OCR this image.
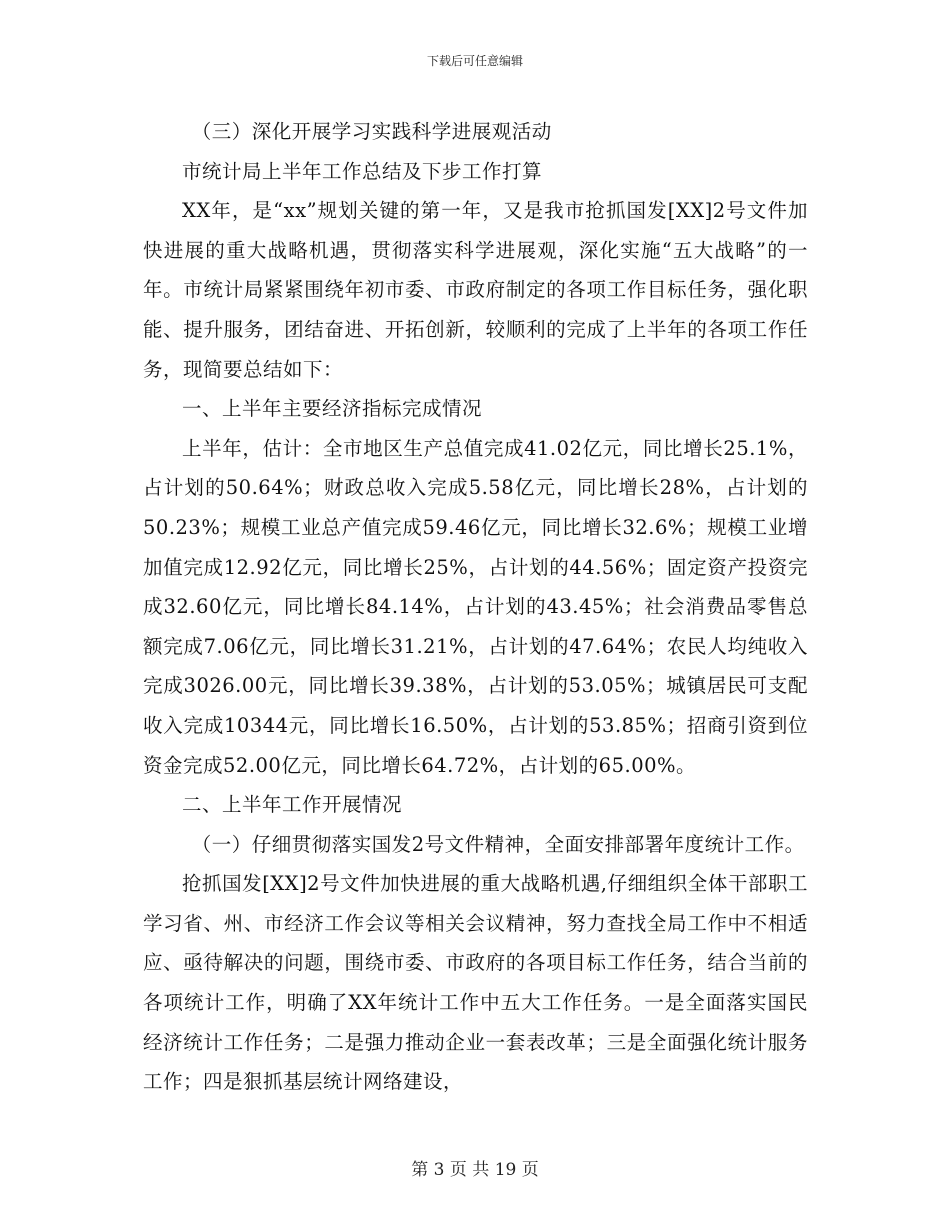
下载后可任意编辑

（三）深化开展学习实践科学进展观活动

市统计局上半年工作总结及下步工作打算

XX年，是“xx”规划关键的第一年，又是我市抢抓国发[XX]2号文件加快进展的重大战略机遇，贯彻落实科学进展观，深化实施“五大战略”的一年。市统计局紧紧围绕年初市委、市政府制定的各项工作目标任务，强化职能、提升服务，团结奋进、开拓创新，较顺利的完成了上半年的各项工作任务，现简要总结如下：

一、上半年主要经济指标完成情况

上半年，估计：全市地区生产总值完成41.02亿元，同比增长25.1%，占计划的50.64%；财政总收入完成5.58亿元，同比增长28%，占计划的50.23%；规模工业总产值完成59.46亿元，同比增长32.6%；规模工业增加值完成12.92亿元，同比增长25%，占计划的44.56%；固定资产投资完成32.60亿元，同比增长84.14%，占计划的43.45%；社会消费品零售总额完成7.06亿元，同比增长31.21%，占计划的47.64%；农民人均纯收入完成3026.00元，同比增长39.38%，占计划的53.05%；城镇居民可支配收入完成10344元，同比增长16.50%，占计划的53.85%；招商引资到位资金完成52.00亿元，同比增长64.72%，占计划的65.00%。

二、上半年工作开展情况

（一）仔细贯彻落实国发2号文件精神，全面安排部署年度统计工作。

抢抓国发[XX]2号文件加快进展的重大战略机遇,仔细组织全体干部职工学习省、州、市经济工作会议等相关会议精神，努力查找全局工作中不相适应、亟待解决的问题，围绕市委、市政府的各项目标工作任务，结合当前的各项统计工作，明确了XX年统计工作中五大工作任务。一是全面落实国民经济统计工作任务；二是强力推动企业一套表改革；三是全面强化统计服务工作；四是狠抓基层统计网络建设，

第 3 页 共 19 页
